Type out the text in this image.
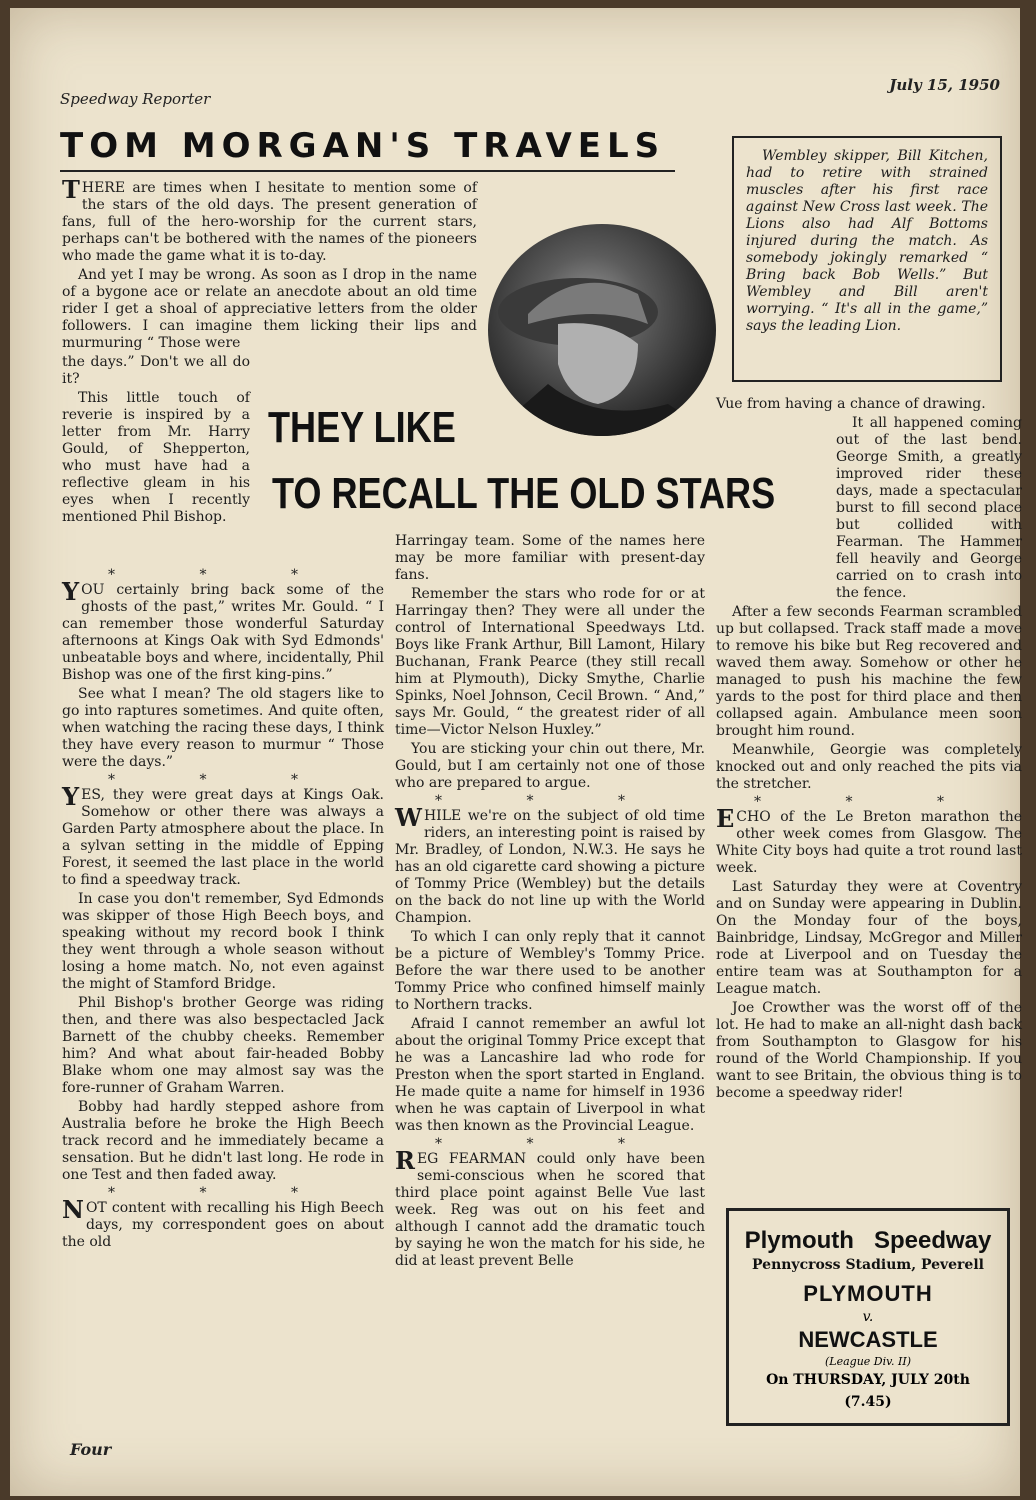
Speedway Reporter
July 15, 1950
TOM MORGAN'S TRAVELS

THERE are times when I hesitate to mention some of the stars of the old days. The present generation of fans, full of the hero-worship for the current stars, perhaps can't be bothered with the names of the pioneers who made the game what it is to-day.

And yet I may be wrong. As soon as I drop in the name of a bygone ace or relate an anecdote about an old time rider I get a shoal of appreciative letters from the older followers. I can imagine them licking their lips and murmuring “ Those were

the days.” Don't we all do it?

This little touch of reverie is inspired by a letter from Mr. Harry Gould, of Shepperton, who must have had a reflective gleam in his eyes when I recently mentioned Phil Bishop.

THEY LIKE
TO RECALL THE OLD STARS

Wembley skipper, Bill Kitchen, had to retire with strained muscles after his first race against New Cross last week. The Lions also had Alf Bottoms injured during the match. As somebody jokingly remarked “ Bring back Bob Wells.” But Wembley and Bill aren't worrying. “ It's all in the game,” says the leading Lion.

* * *

YOU certainly bring back some of the ghosts of the past,” writes Mr. Gould. “ I can remember those wonderful Saturday afternoons at Kings Oak with Syd Edmonds' unbeatable boys and where, incidentally, Phil Bishop was one of the first king-pins.”

See what I mean? The old stagers like to go into raptures sometimes. And quite often, when watching the racing these days, I think they have every reason to murmur “ Those were the days.”

* * *

YES, they were great days at Kings Oak. Somehow or other there was always a Garden Party atmosphere about the place. In a sylvan setting in the middle of Epping Forest, it seemed the last place in the world to find a speedway track.

In case you don't remember, Syd Edmonds was skipper of those High Beech boys, and speaking without my record book I think they went through a whole season without losing a home match. No, not even against the might of Stamford Bridge.

Phil Bishop's brother George was riding then, and there was also bespectacled Jack Barnett of the chubby cheeks. Remember him? And what about fair-headed Bobby Blake whom one may almost say was the fore-runner of Graham Warren.

Bobby had hardly stepped ashore from Australia before he broke the High Beech track record and he immediately became a sensation. But he didn't last long. He rode in one Test and then faded away.

* * *

NOT content with recalling his High Beech days, my correspondent goes on about the old

Harringay team. Some of the names here may be more familiar with present-day fans.

Remember the stars who rode for or at Harringay then? They were all under the control of International Speedways Ltd. Boys like Frank Arthur, Bill Lamont, Hilary Buchanan, Frank Pearce (they still recall him at Plymouth), Dicky Smythe, Charlie Spinks, Noel Johnson, Cecil Brown. “ And,” says Mr. Gould, “ the greatest rider of all time—Victor Nelson Huxley.”

You are sticking your chin out there, Mr. Gould, but I am certainly not one of those who are prepared to argue.

* * *

WHILE we're on the subject of old time riders, an interesting point is raised by Mr. Bradley, of London, N.W.3. He says he has an old cigarette card showing a picture of Tommy Price (Wembley) but the details on the back do not line up with the World Champion.

To which I can only reply that it cannot be a picture of Wembley's Tommy Price. Before the war there used to be another Tommy Price who confined himself mainly to Northern tracks.

Afraid I cannot remember an awful lot about the original Tommy Price except that he was a Lancashire lad who rode for Preston when the sport started in England. He made quite a name for himself in 1936 when he was captain of Liverpool in what was then known as the Provincial League.

* * *

REG FEARMAN could only have been semi-conscious when he scored that third place point against Belle Vue last week. Reg was out on his feet and although I cannot add the dramatic touch by saying he won the match for his side, he did at least prevent Belle

Vue from having a chance of drawing.

It all happened coming out of the last bend. George Smith, a greatly improved rider these days, made a spectacular burst to fill second place but collided with Fearman. The Hammer fell heavily and George carried on to crash into the fence.

After a few seconds Fearman scrambled up but collapsed. Track staff made a move to remove his bike but Reg recovered and waved them away. Somehow or other he managed to push his machine the few yards to the post for third place and then collapsed again. Ambulance meen soon brought him round.

Meanwhile, Georgie was completely knocked out and only reached the pits via the stretcher.

* * *

ECHO of the Le Breton marathon the other week comes from Glasgow. The White City boys had quite a trot round last week.

Last Saturday they were at Coventry and on Sunday were appearing in Dublin. On the Monday four of the boys, Bainbridge, Lindsay, McGregor and Miller rode at Liverpool and on Tuesday the entire team was at Southampton for a League match.

Joe Crowther was the worst off of the lot. He had to make an all-night dash back from Southampton to Glasgow for his round of the World Championship. If you want to see Britain, the obvious thing is to become a speedway rider!

Plymouth   Speedway
Pennycross Stadium, Peverell
PLYMOUTH
v.
NEWCASTLE
(League Div. II)
On THURSDAY, JULY 20th
(7.45)
Four
